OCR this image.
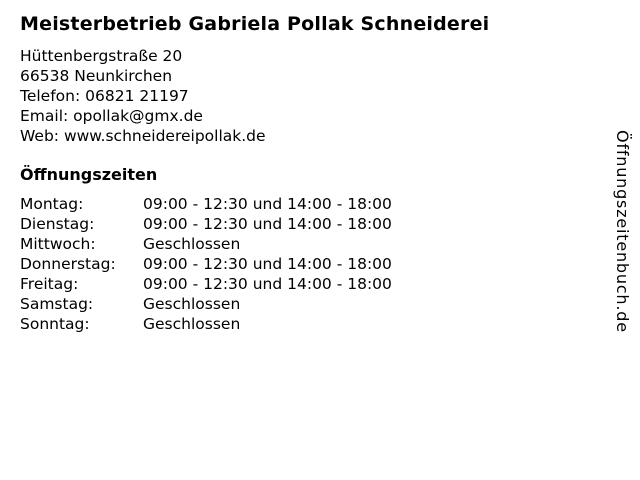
Meisterbetrieb Gabriela Pollak Schneiderei
Hüttenbergstraße 20
66538 Neunkirchen
Telefon: 06821 21197
Email: opollak@gmx.de
Web: www.schneidereipollak.de
Öffnungszeiten
Montag:	09:00 - 12:30 und 14:00 - 18:00
Dienstag:	09:00 - 12:30 und 14:00 - 18:00
Mittwoch:	Geschlossen
Donnerstag:	09:00 - 12:30 und 14:00 - 18:00
Freitag:	09:00 - 12:30 und 14:00 - 18:00
Samstag:	Geschlossen
Sonntag:	Geschlossen	Öffnungszeitenbuch.de
